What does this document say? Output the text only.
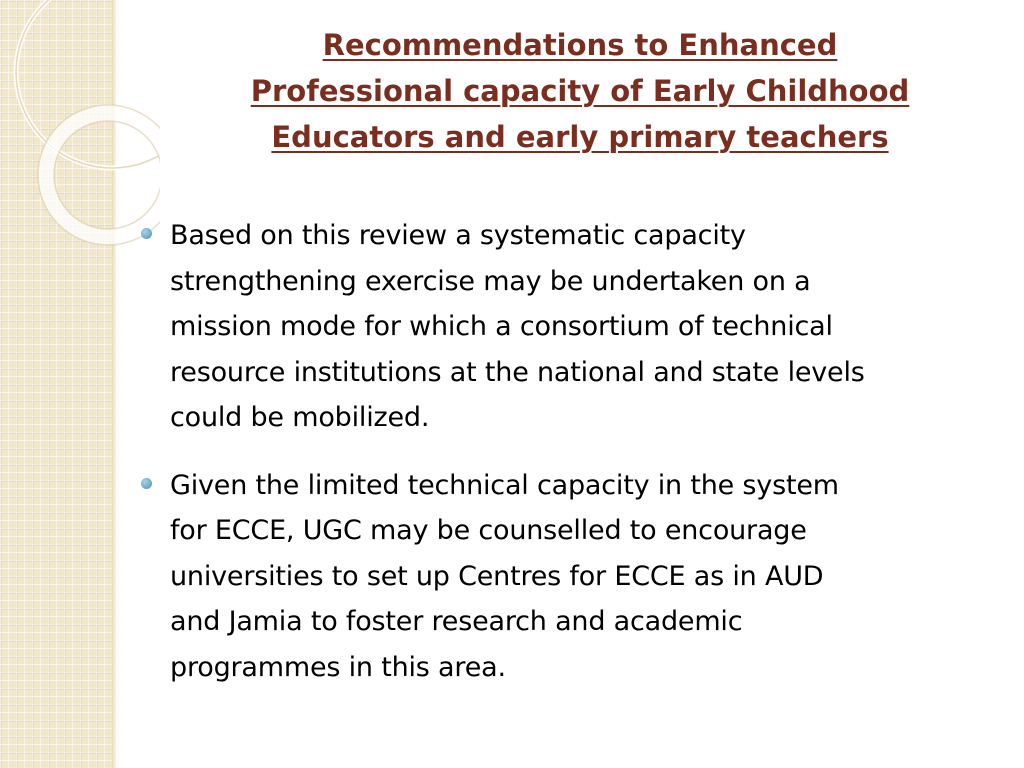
Recommendations to Enhanced
Professional capacity of Early Childhood
Educators and early primary teachers
Based on this review a systematic capacity
strengthening exercise may be undertaken on a
mission mode for which a consortium of technical
resource institutions at the national and state levels
could be mobilized.
Given the limited technical capacity in the system
for ECCE, UGC may be counselled to encourage
universities to set up Centres for ECCE as in AUD
and Jamia to foster research and academic
programmes in this area.
